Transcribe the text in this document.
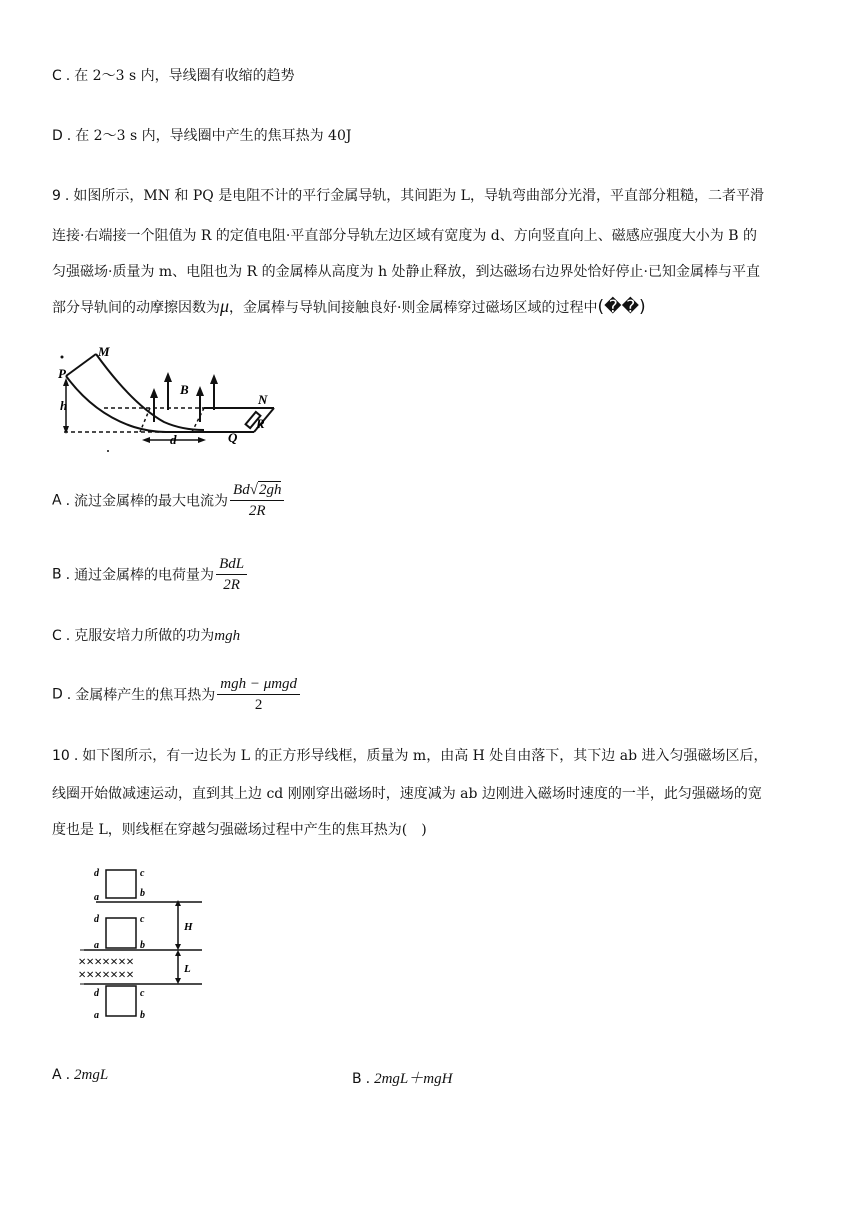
C . 在 2～3 s 内，导线圈有收缩的趋势
D . 在 2～3 s 内，导线圈中产生的焦耳热为 40J
9 . 如图所示，MN 和 PQ 是电阻不计的平行金属导轨，其间距为 L，导轨弯曲部分光滑，平直部分粗糙，二者平滑
连接·右端接一个阻值为 R 的定值电阻·平直部分导轨左边区域有宽度为 d、方向竖直向上、磁感应强度大小为 B 的
匀强磁场·质量为 m、电阻也为 R 的金属棒从高度为 h 处静止释放，到达磁场右边界处恰好停止·已知金属棒与平直
部分导轨间的动摩擦因数为μ，金属棒与导轨间接触良好·则金属棒穿过磁场区域的过程中(��)
M
P
N
Q
R
B
h
d
A . 流过金属棒的最大电流为 $\frac{Bd√2gh}{2R}$
B . 通过金属棒的电荷量为 $\frac{\text{BdL}}{2R}$
C . 克服安培力所做的功为mgh
D . 金属棒产生的焦耳热为 $\frac{\text{mgh − μmgd}}{2}$
10 . 如下图所示，有一边长为 L 的正方形导线框，质量为 m，由高 H 处自由落下，其下边 ab 进入匀强磁场区后，
线圈开始做减速运动，直到其上边 cd 刚刚穿出磁场时，速度减为 ab 边刚进入磁场时速度的一半，此匀强磁场的宽
度也是 L，则线框在穿越匀强磁场过程中产生的焦耳热为(　)
×××××××
×××××××
d	c
a	b
d	c
a	b
d	c
a	b
H
L
A . 2mgL	B . 2mgL＋mgH
